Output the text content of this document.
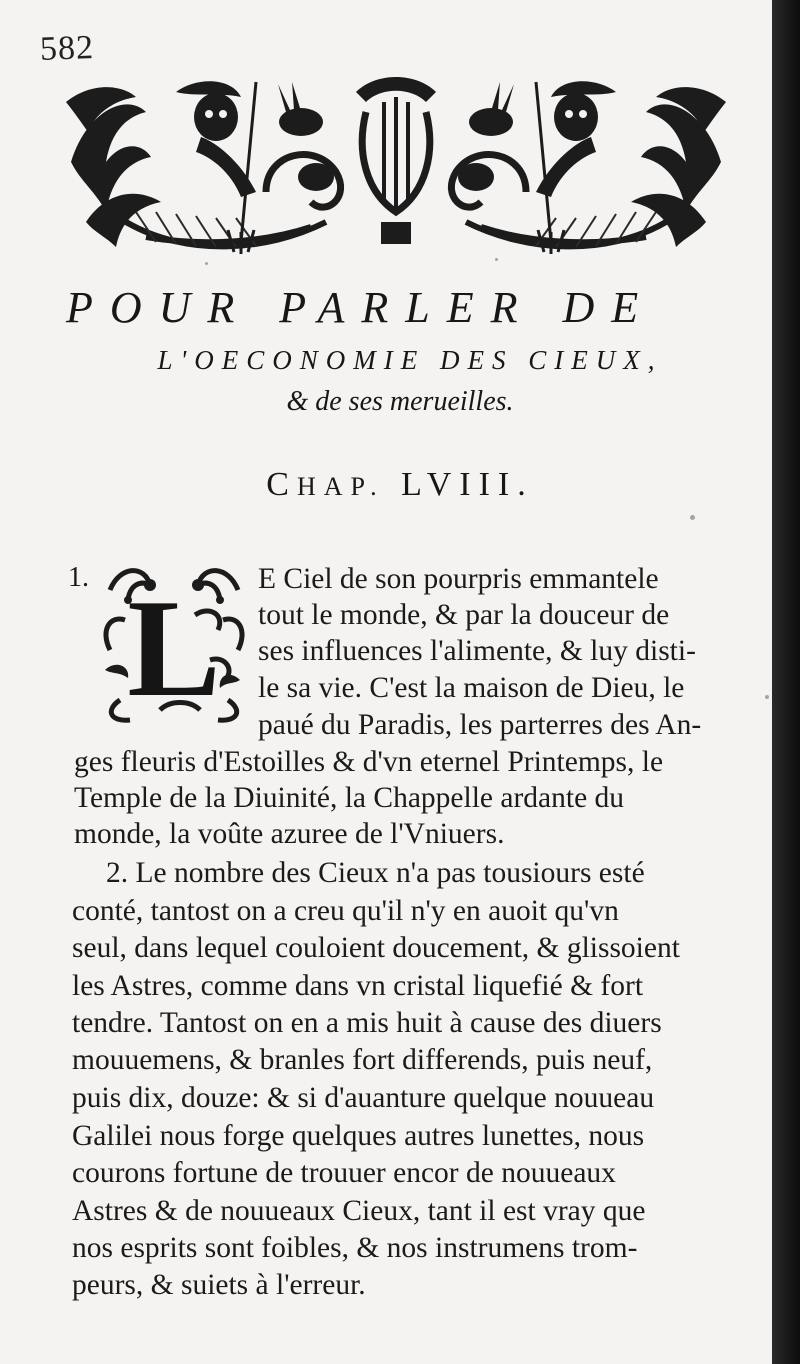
582
POUR PARLER DE
L'OECONOMIE DES CIEUX,
& de ses merueilles.
CHAP. LVIII.
1. L E Ciel de son pourpris emmantele
tout le monde, & par la douceur de
ses influences l'alimente, & luy disti-
le sa vie. C'est la maison de Dieu, le
paué du Paradis, les parterres des An-
ges fleuris d'Estoilles & d'vn eternel Printemps, le
Temple de la Diuinité, la Chappelle ardante du
monde, la voûte azuree de l'Vniuers.
2. Le nombre des Cieux n'a pas tousiours esté
conté, tantost on a creu qu'il n'y en auoit qu'vn
seul, dans lequel couloient doucement, & glissoient
les Astres, comme dans vn cristal liquefié & fort
tendre. Tantost on en a mis huit à cause des diuers
mouuemens, & branles fort differends, puis neuf,
puis dix, douze: & si d'auanture quelque nouueau
Galilei nous forge quelques autres lunettes, nous
courons fortune de trouuer encor de nouueaux
Astres & de nouueaux Cieux, tant il est vray que
nos esprits sont foibles, & nos instrumens trom-
peurs, & suiets à l'erreur.
